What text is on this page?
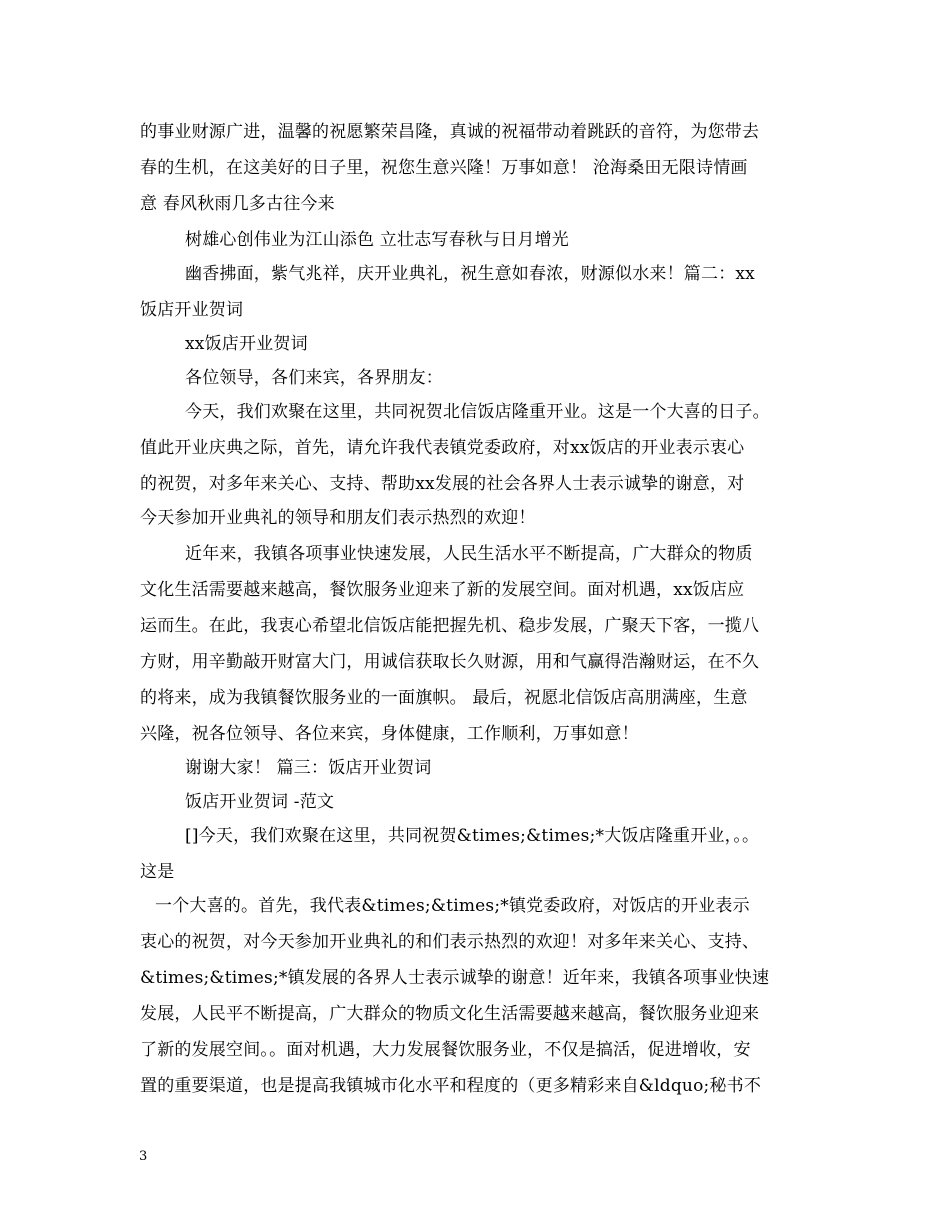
的事业财源广进，温馨的祝愿繁荣昌隆，真诚的祝福带动着跳跃的音符，为您带去
春的生机，在这美好的日子里，祝您生意兴隆！万事如意！ 沧海桑田无限诗情画
意 春风秋雨几多古往今来
树雄心创伟业为江山添色 立壮志写春秋与日月增光
幽香拂面，紫气兆祥，庆开业典礼，祝生意如春浓，财源似水来！篇二：xx
饭店开业贺词
xx饭店开业贺词
各位领导，各们来宾，各界朋友：
今天，我们欢聚在这里，共同祝贺北信饭店隆重开业。这是一个大喜的日子。
值此开业庆典之际，首先，请允许我代表镇党委政府，对xx饭店的开业表示衷心
的祝贺，对多年来关心、支持、帮助xx发展的社会各界人士表示诚挚的谢意，对
今天参加开业典礼的领导和朋友们表示热烈的欢迎！
近年来，我镇各项事业快速发展，人民生活水平不断提高，广大群众的物质
文化生活需要越来越高，餐饮服务业迎来了新的发展空间。面对机遇，xx饭店应
运而生。在此，我衷心希望北信饭店能把握先机、稳步发展，广聚天下客，一揽八
方财，用辛勤敲开财富大门，用诚信获取长久财源，用和气赢得浩瀚财运，在不久
的将来，成为我镇餐饮服务业的一面旗帜。 最后，祝愿北信饭店高朋满座，生意
兴隆，祝各位领导、各位来宾，身体健康，工作顺利，万事如意！
谢谢大家！ 篇三：饭店开业贺词
饭店开业贺词 -范文
[]今天，我们欢聚在这里，共同祝贺&times;&times;*大饭店隆重开业，。。
这是
一个大喜的。首先，我代表&times;&times;*镇党委政府，对饭店的开业表示
衷心的祝贺，对今天参加开业典礼的和们表示热烈的欢迎！对多年来关心、支持、
&times;&times;*镇发展的各界人士表示诚挚的谢意！近年来，我镇各项事业快速
发展，人民平不断提高，广大群众的物质文化生活需要越来越高，餐饮服务业迎来
了新的发展空间。。面对机遇，大力发展餐饮服务业，不仅是搞活，促进增收，安
置的重要渠道，也是提高我镇城市化水平和程度的（更多精彩来自&ldquo;秘书不
3
